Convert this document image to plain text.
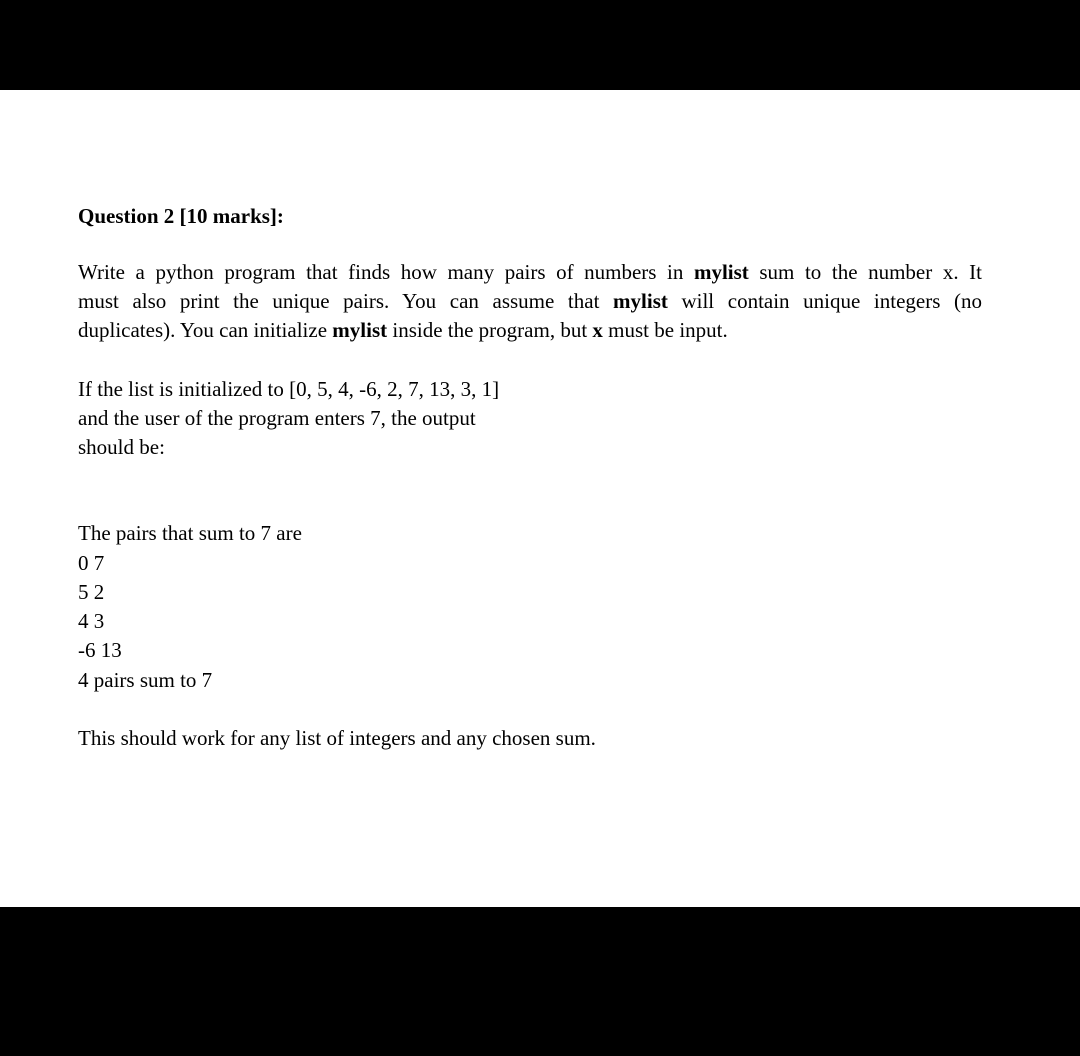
Question 2 [10 marks]:
Write a python program that finds how many pairs of numbers in mylist sum to the number x. It
must also print the unique pairs. You can assume that mylist will contain unique integers (no
duplicates). You can initialize mylist inside the program, but x must be input.
If the list is initialized to [0, 5, 4, -6, 2, 7, 13, 3, 1]
and the user of the program enters 7, the output
should be:
The pairs that sum to 7 are
0 7
5 2
4 3
-6 13
4 pairs sum to 7
This should work for any list of integers and any chosen sum.
